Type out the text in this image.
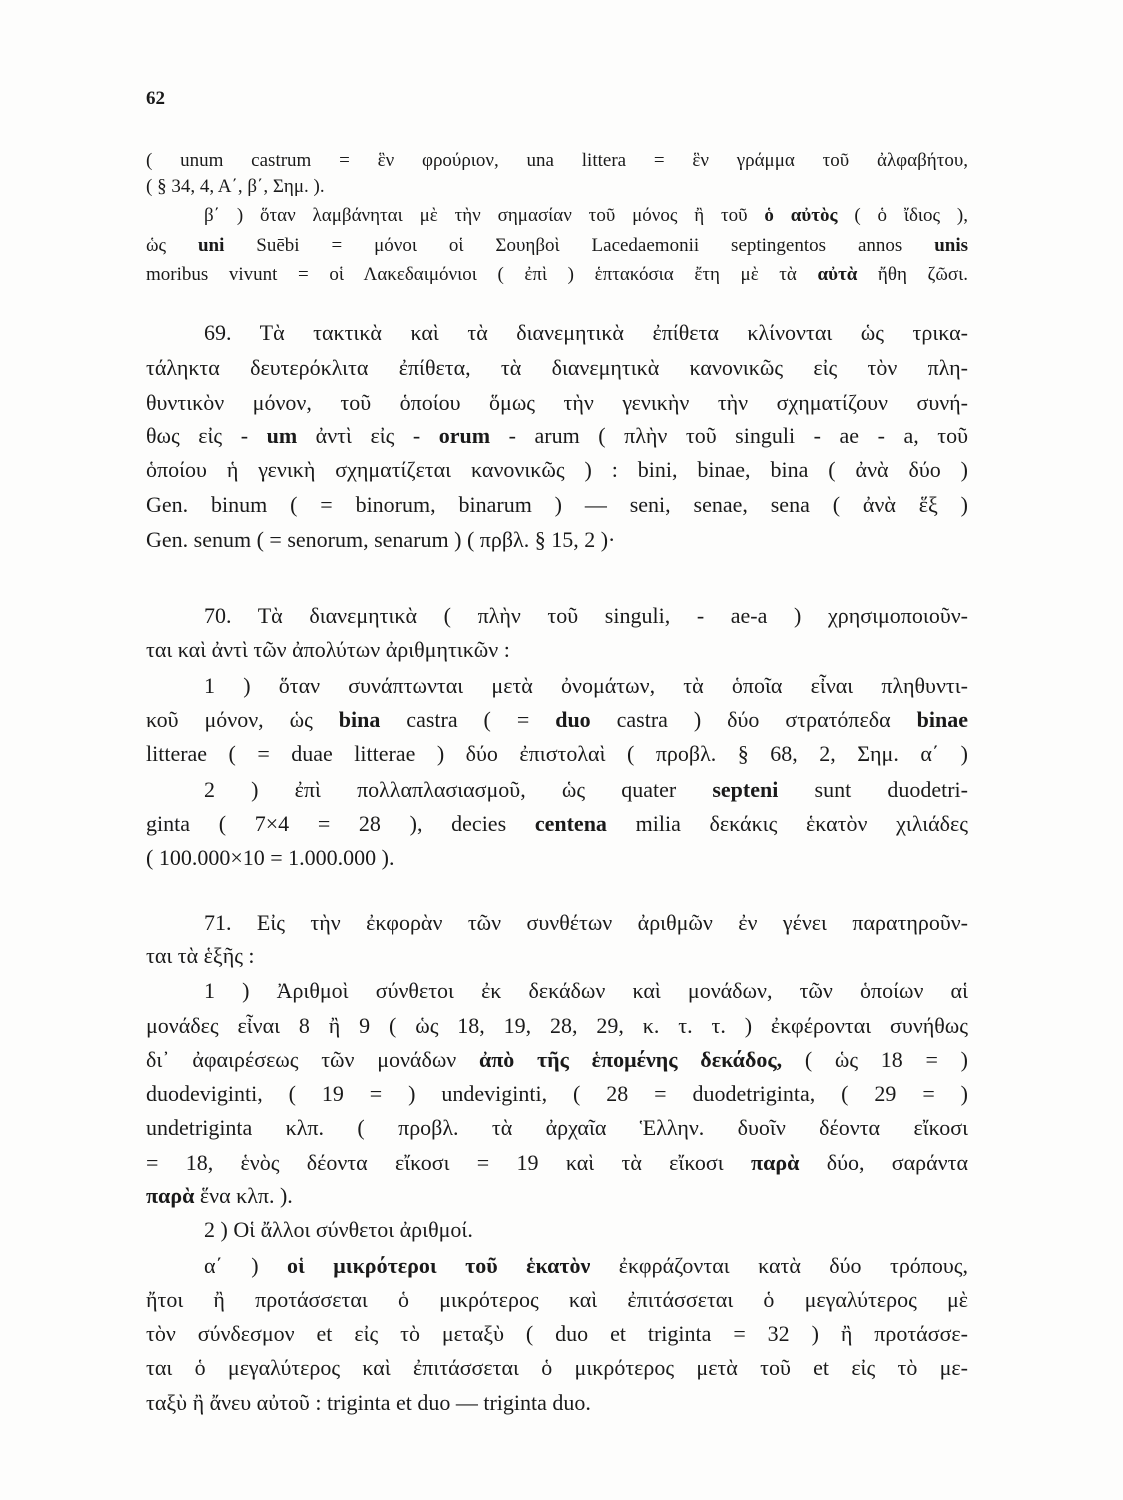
62
( unum castrum = ἓν φρούριον, una littera = ἓν γράμμα τοῦ ἀλφαβήτου,
( § 34, 4, Α΄, β΄, Σημ. ).
β΄ ) ὅταν λαμβάνηται μὲ τὴν σημασίαν τοῦ μόνος ἢ τοῦ ὁ αὐτὸς ( ὁ ἴδιος ),
ὡς uni Suēbi = μόνοι οἱ Σουηβοὶ Lacedaemonii septingentos annos unis
moribus vivunt = οἱ Λακεδαιμόνιοι ( ἐπὶ ) ἑπτακόσια ἔτη μὲ τὰ αὐτὰ ἤθη ζῶσι.
69. Τὰ τακτικὰ καὶ τὰ διανεμητικὰ ἐπίθετα κλίνονται ὡς τρικα-
τάληκτα δευτερόκλιτα ἐπίθετα, τὰ διανεμητικὰ κανονικῶς εἰς τὸν πλη-
θυντικὸν μόνον, τοῦ ὁποίου ὅμως τὴν γενικὴν τὴν σχηματίζουν συνή-
θως εἰς - um ἀντὶ εἰς - orum - arum ( πλὴν τοῦ singuli - ae - a, τοῦ
ὁποίου ἡ γενικὴ σχηματίζεται κανονικῶς ) : bini, binae, bina ( ἀνὰ δύο )
Gen. binum ( = binorum, binarum ) — seni, senae, sena ( ἀνὰ ἕξ )
Gen. senum ( = senorum, senarum ) ( πρβλ. § 15, 2 )·
70. Τὰ διανεμητικὰ ( πλὴν τοῦ singuli, - ae-a ) χρησιμοποιοῦν-
ται καὶ ἀντὶ τῶν ἀπολύτων ἀριθμητικῶν :
1 ) ὅταν συνάπτωνται μετὰ ὀνομάτων, τὰ ὁποῖα εἶναι πληθυντι-
κοῦ μόνον, ὡς bina castra ( = duo castra ) δύο στρατόπεδα binae
litterae ( = duae litterae ) δύο ἐπιστολαὶ ( προβλ. § 68, 2, Σημ. α΄ )
2 ) ἐπὶ πολλαπλασιασμοῦ, ὡς quater septeni sunt duodetri-
ginta ( 7×4 = 28 ), decies centena milia δεκάκις ἑκατὸν χιλιάδες
( 100.000×10 = 1.000.000 ).
71. Εἰς τὴν ἐκφορὰν τῶν συνθέτων ἀριθμῶν ἐν γένει παρατηροῦν-
ται τὰ ἑξῆς :
1 ) Ἀριθμοὶ σύνθετοι ἐκ δεκάδων καὶ μονάδων, τῶν ὁποίων αἱ
μονάδες εἶναι 8 ἢ 9 ( ὡς 18, 19, 28, 29, κ. τ. τ. ) ἐκφέρονται συνήθως
δι᾽ ἀφαιρέσεως τῶν μονάδων ἀπὸ τῆς ἑπομένης δεκάδος, ( ὡς 18 = )
duodeviginti, ( 19 = ) undeviginti, ( 28 = duodetriginta, ( 29 = )
undetriginta κλπ. ( προβλ. τὰ ἀρχαῖα Ἑλλην. δυοῖν δέοντα εἴκοσι
= 18, ἑνὸς δέοντα εἴκοσι = 19 καὶ τὰ εἴκοσι παρὰ δύο, σαράντα
παρὰ ἕνα κλπ. ).
2 ) Οἱ ἄλλοι σύνθετοι ἀριθμοί.
α΄ ) οἱ μικρότεροι τοῦ ἑκατὸν ἐκφράζονται κατὰ δύο τρόπους,
ἤτοι ἢ προτάσσεται ὁ μικρότερος καὶ ἐπιτάσσεται ὁ μεγαλύτερος μὲ
τὸν σύνδεσμον et εἰς τὸ μεταξὺ ( duo et triginta = 32 ) ἢ προτάσσε-
ται ὁ μεγαλύτερος καὶ ἐπιτάσσεται ὁ μικρότερος μετὰ τοῦ et εἰς τὸ με-
ταξὺ ἢ ἄνευ αὐτοῦ : triginta et duo — triginta duo.
